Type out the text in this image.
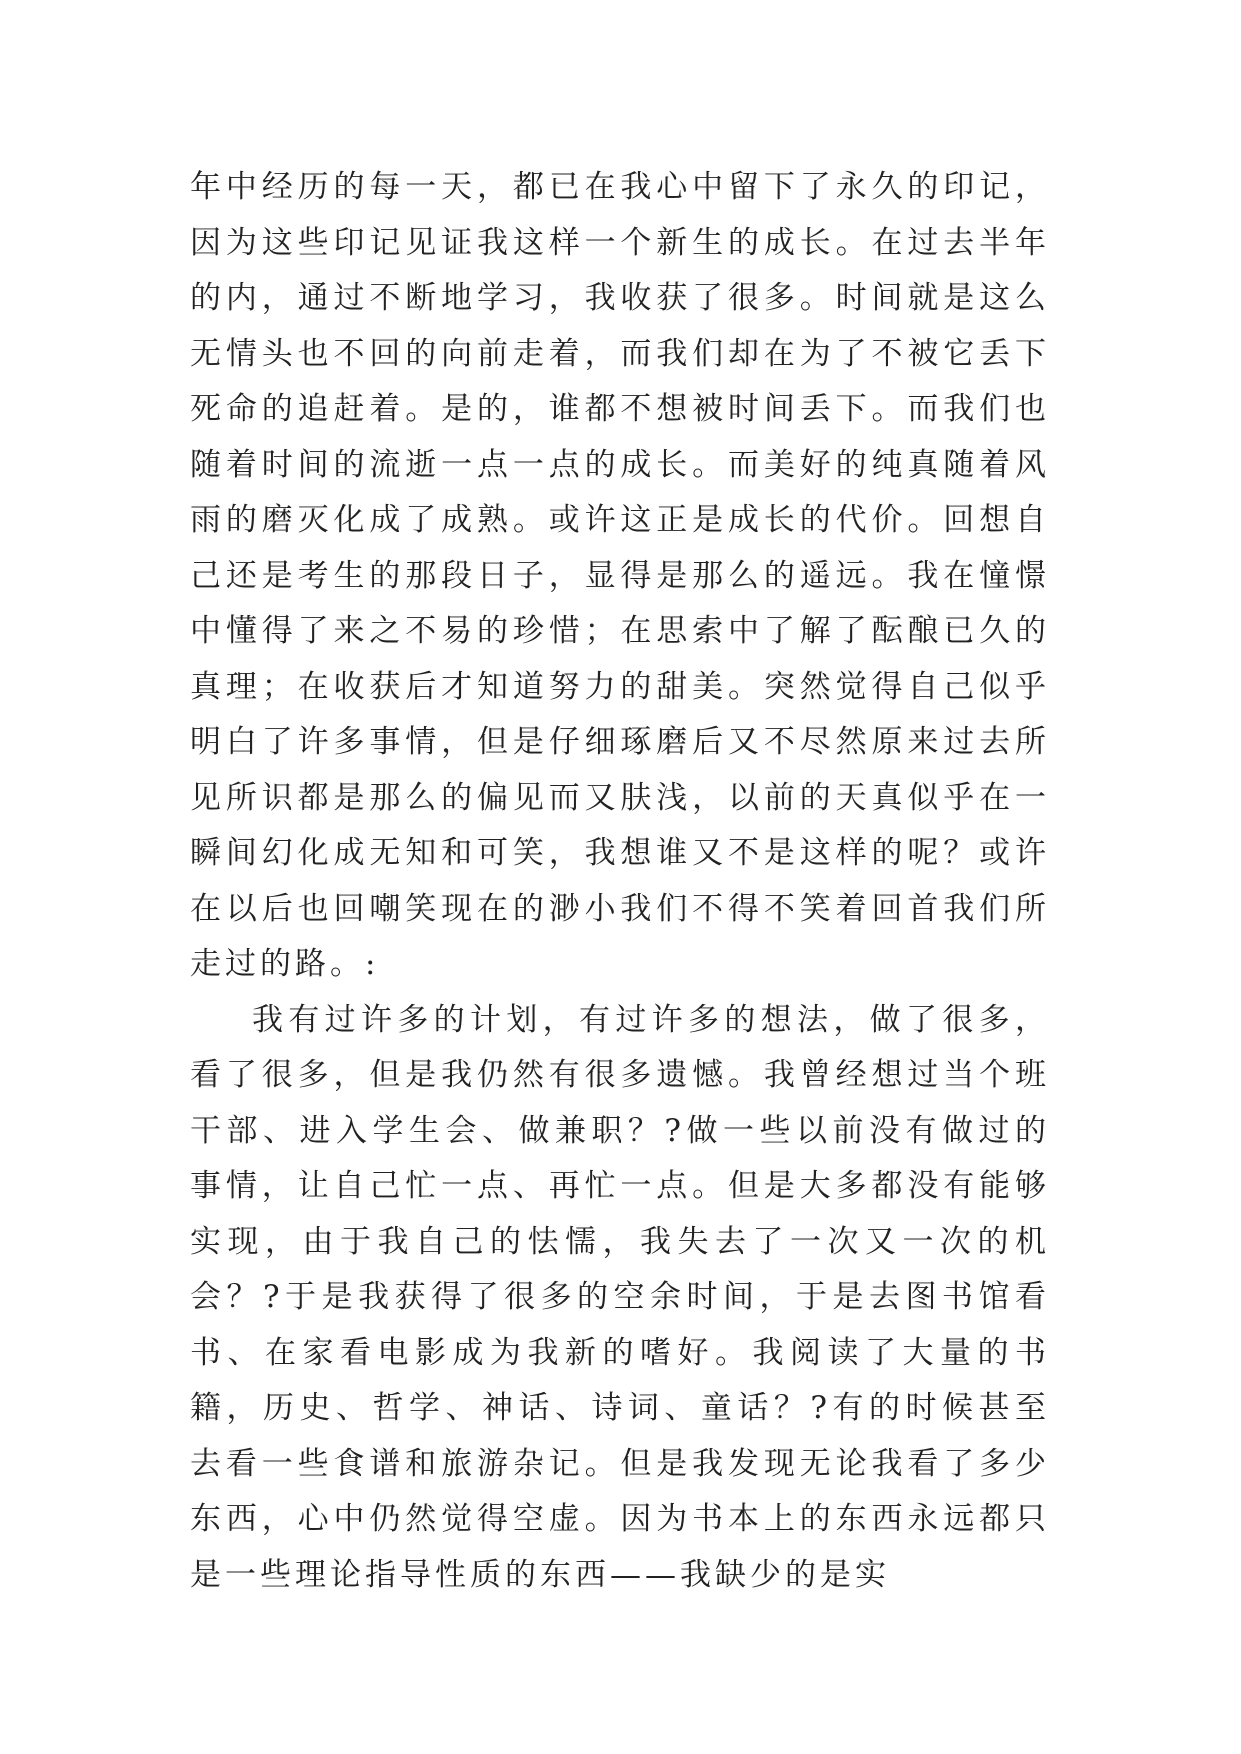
年中经历的每一天，都已在我心中留下了永久的印记，因为这些印记见证我这样一个新生的成长。在过去半年的内，通过不断地学习，我收获了很多。时间就是这么无情头也不回的向前走着，而我们却在为了不被它丢下死命的追赶着。是的，谁都不想被时间丢下。而我们也随着时间的流逝一点一点的成长。而美好的纯真随着风雨的磨灭化成了成熟。或许这正是成长的代价。回想自己还是考生的那段日子，显得是那么的遥远。我在憧憬中懂得了来之不易的珍惜；在思索中了解了酝酿已久的真理；在收获后才知道努力的甜美。突然觉得自己似乎明白了许多事情，但是仔细琢磨后又不尽然原来过去所见所识都是那么的偏见而又肤浅，以前的天真似乎在一瞬间幻化成无知和可笑，我想谁又不是这样的呢？或许在以后也回嘲笑现在的渺小我们不得不笑着回首我们所走过的路。:

我有过许多的计划，有过许多的想法，做了很多，看了很多，但是我仍然有很多遗憾。我曾经想过当个班干部、进入学生会、做兼职？?做一些以前没有做过的事情，让自己忙一点、再忙一点。但是大多都没有能够实现，由于我自己的怯懦，我失去了一次又一次的机会？?于是我获得了很多的空余时间，于是去图书馆看书、在家看电影成为我新的嗜好。我阅读了大量的书籍，历史、哲学、神话、诗词、童话？?有的时候甚至去看一些食谱和旅游杂记。但是我发现无论我看了多少东西，心中仍然觉得空虚。因为书本上的东西永远都只是一些理论指导性质的东西——我缺少的是实
